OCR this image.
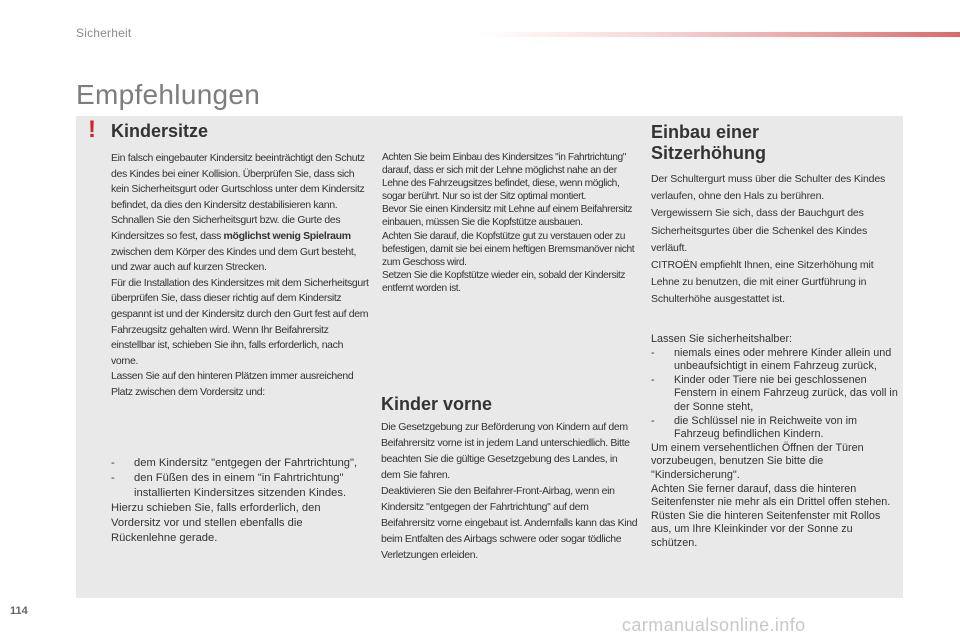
Sicherheit
Empfehlungen
! Kindersitze

Ein falsch eingebauter Kindersitz beeinträchtigt den Schutz des Kindes bei einer Kollision. Überprüfen Sie, dass sich kein Sicherheitsgurt oder Gurtschloss unter dem Kindersitz befindet, da dies den Kindersitz destabilisieren kann. Schnallen Sie den Sicherheitsgurt bzw. die Gurte des Kindersitzes so fest, dass möglichst wenig Spielraum zwischen dem Körper des Kindes und dem Gurt besteht, und zwar auch auf kurzen Strecken.

Für die Installation des Kindersitzes mit dem Sicherheitsgurt überprüfen Sie, dass dieser richtig auf dem Kindersitz gespannt ist und der Kindersitz durch den Gurt fest auf dem Fahrzeugsitz gehalten wird. Wenn Ihr Beifahrersitz einstellbar ist, schieben Sie ihn, falls erforderlich, nach vorne.

Lassen Sie auf den hinteren Plätzen immer ausreichend Platz zwischen dem Vordersitz und:

-	dem Kindersitz "entgegen der Fahrtrichtung",
-	den Füßen des in einem "in Fahrtrichtung" installierten Kindersitzes sitzenden Kindes.

Hierzu schieben Sie, falls erforderlich, den Vordersitz vor und stellen ebenfalls die Rückenlehne gerade.

Achten Sie beim Einbau des Kindersitzes "in Fahrtrichtung" darauf, dass er sich mit der Lehne möglichst nahe an der Lehne des Fahrzeugsitzes befindet, diese, wenn möglich, sogar berührt. Nur so ist der Sitz optimal montiert.

Bevor Sie einen Kindersitz mit Lehne auf einem Beifahrersitz einbauen, müssen Sie die Kopfstütze ausbauen.

Achten Sie darauf, die Kopfstütze gut zu verstauen oder zu befestigen, damit sie bei einem heftigen Bremsmanöver nicht zum Geschoss wird.

Setzen Sie die Kopfstütze wieder ein, sobald der Kindersitz entfernt worden ist.

Kinder vorne

Die Gesetzgebung zur Beförderung von Kindern auf dem Beifahrersitz vorne ist in jedem Land unterschiedlich. Bitte beachten Sie die gültige Gesetzgebung des Landes, in dem Sie fahren.

Deaktivieren Sie den Beifahrer-Front-Airbag, wenn ein Kindersitz "entgegen der Fahrtrichtung" auf dem Beifahrersitz vorne eingebaut ist. Andernfalls kann das Kind beim Entfalten des Airbags schwere oder sogar tödliche Verletzungen erleiden.

Einbau einer Sitzerhöhung

Der Schultergurt muss über die Schulter des Kindes verlaufen, ohne den Hals zu berühren.

Vergewissern Sie sich, dass der Bauchgurt des Sicherheitsgurtes über die Schenkel des Kindes verläuft.

CITROËN empfiehlt Ihnen, eine Sitzerhöhung mit Lehne zu benutzen, die mit einer Gurtführung in Schulterhöhe ausgestattet ist.

Lassen Sie sicherheitshalber:

-	niemals eines oder mehrere Kinder allein und unbeaufsichtigt in einem Fahrzeug zurück,
-	Kinder oder Tiere nie bei geschlossenen Fenstern in einem Fahrzeug zurück, das voll in der Sonne steht,
-	die Schlüssel nie in Reichweite von im Fahrzeug befindlichen Kindern.

Um einem versehentlichen Öffnen der Türen vorzubeugen, benutzen Sie bitte die "Kindersicherung".

Achten Sie ferner darauf, dass die hinteren Seitenfenster nie mehr als ein Drittel offen stehen.

Rüsten Sie die hinteren Seitenfenster mit Rollos aus, um Ihre Kleinkinder vor der Sonne zu schützen.

114
carmanualsonline.info
